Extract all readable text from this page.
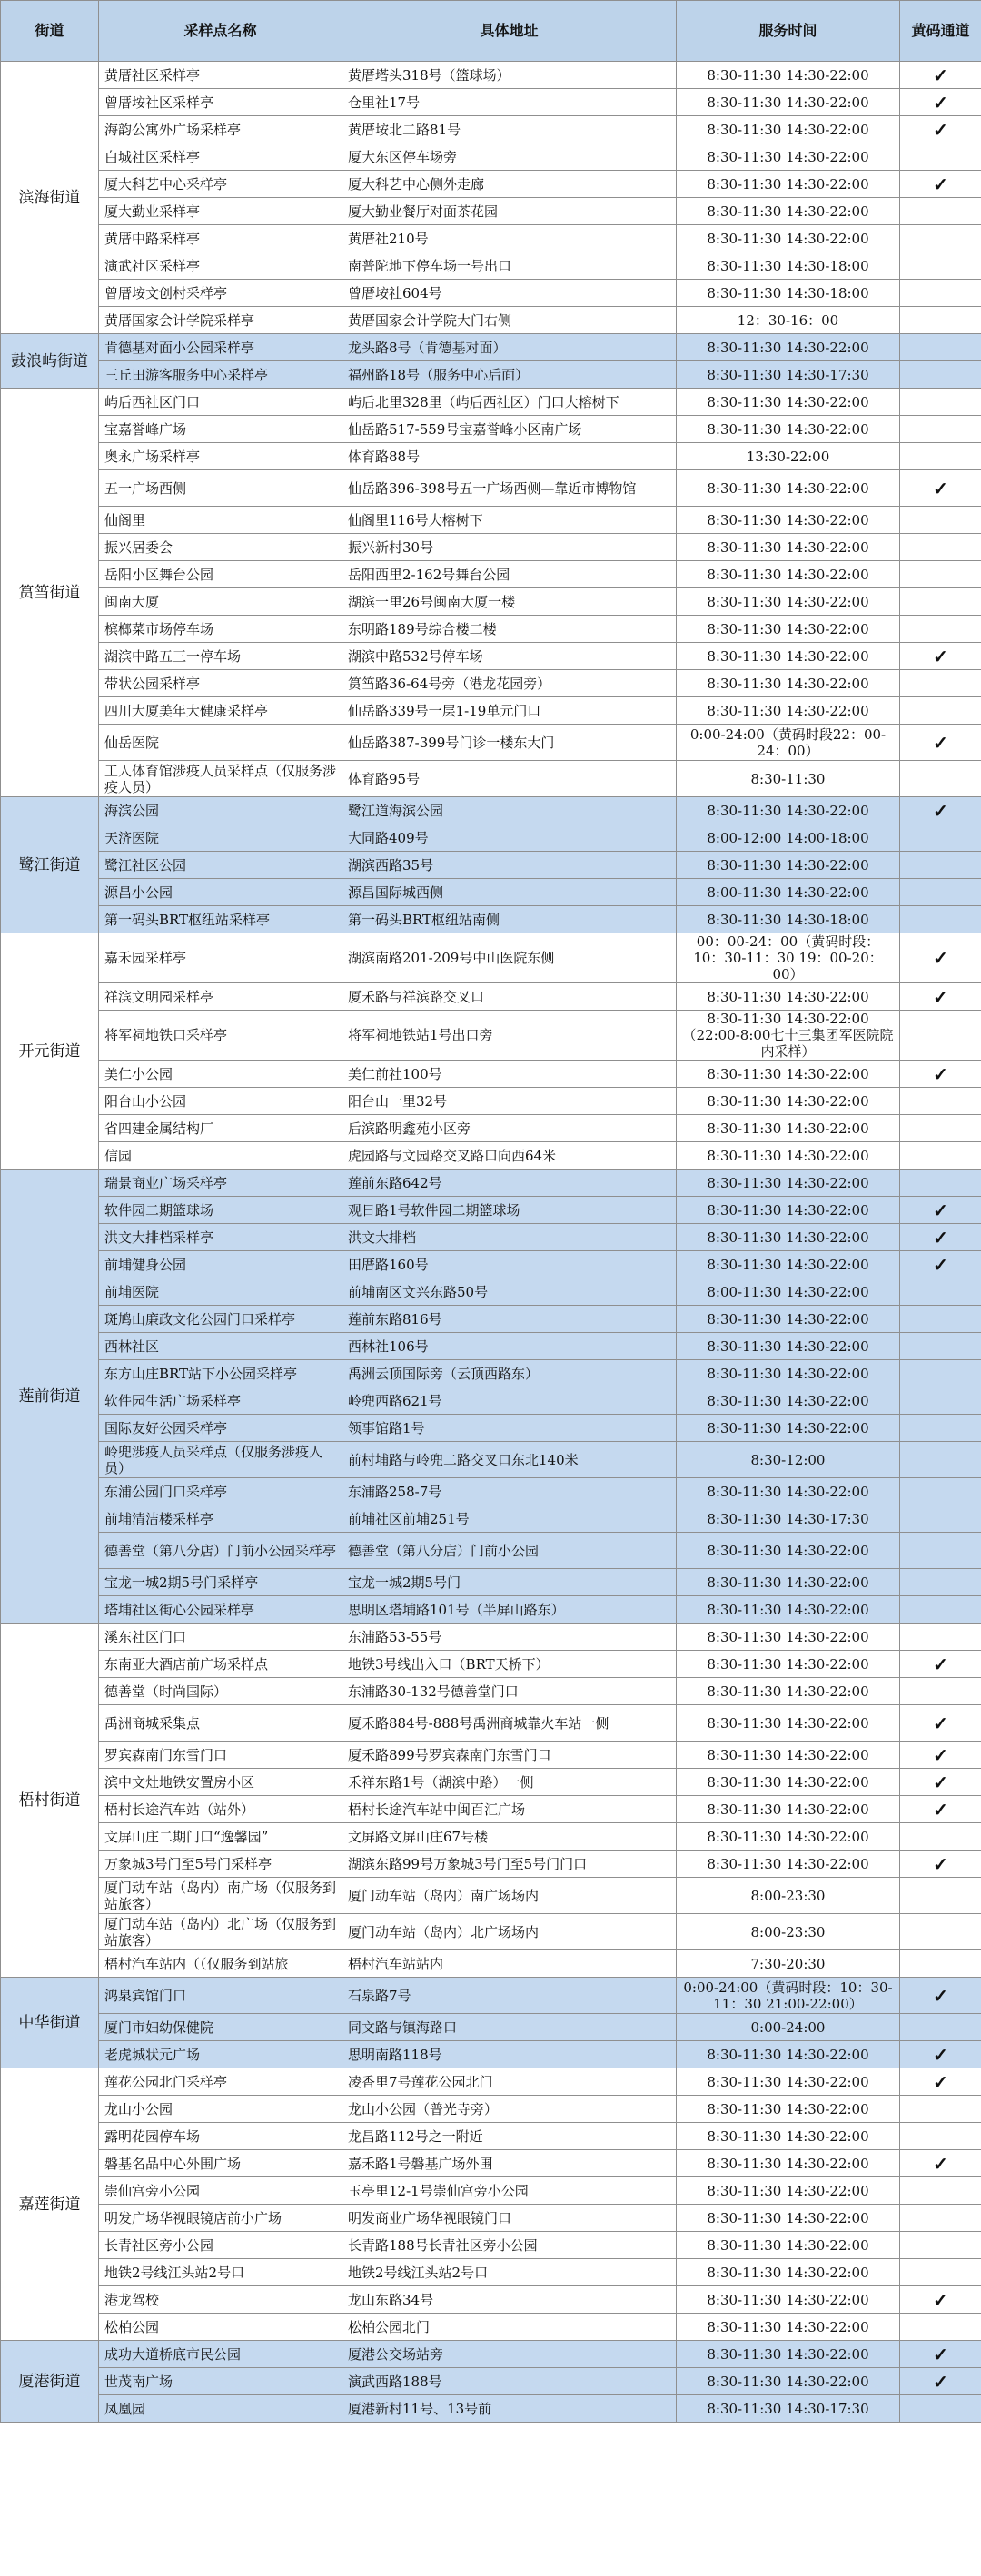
街道	采样点名称	具体地址	服务时间	黄码通道
滨海街道	黄厝社区采样亭	黄厝塔头318号（篮球场）	8:30-11:30 14:30-22:00	✓
	曾厝垵社区采样亭	仓里社17号	8:30-11:30 14:30-22:00	✓
	海韵公寓外广场采样亭	黄厝垵北二路81号	8:30-11:30 14:30-22:00	✓
	白城社区采样亭	厦大东区停车场旁	8:30-11:30 14:30-22:00	
	厦大科艺中心采样亭	厦大科艺中心侧外走廊	8:30-11:30 14:30-22:00	✓
	厦大勤业采样亭	厦大勤业餐厅对面茶花园	8:30-11:30 14:30-22:00	
	黄厝中路采样亭	黄厝社210号	8:30-11:30 14:30-22:00	
	演武社区采样亭	南普陀地下停车场一号出口	8:30-11:30 14:30-18:00	
	曾厝垵文创村采样亭	曾厝垵社604号	8:30-11:30 14:30-18:00	
	黄厝国家会计学院采样亭	黄厝国家会计学院大门右侧	12：30-16：00	
鼓浪屿街道	肯德基对面小公园采样亭	龙头路8号（肯德基对面）	8:30-11:30 14:30-22:00	
	三丘田游客服务中心采样亭	福州路18号（服务中心后面）	8:30-11:30 14:30-17:30	
筼筜街道	屿后西社区门口	屿后北里328里（屿后西社区）门口大榕树下	8:30-11:30 14:30-22:00	
	宝嘉誉峰广场	仙岳路517-559号宝嘉誉峰小区南广场	8:30-11:30 14:30-22:00	
	奥永广场采样亭	体育路88号	13:30-22:00	
	五一广场西侧	仙岳路396-398号五一广场西侧—靠近市博物馆	8:30-11:30 14:30-22:00	✓
	仙阁里	仙阁里116号大榕树下	8:30-11:30 14:30-22:00	
	振兴居委会	振兴新村30号	8:30-11:30 14:30-22:00	
	岳阳小区舞台公园	岳阳西里2-162号舞台公园	8:30-11:30 14:30-22:00	
	闽南大厦	湖滨一里26号闽南大厦一楼	8:30-11:30 14:30-22:00	
	槟榔菜市场停车场	东明路189号综合楼二楼	8:30-11:30 14:30-22:00	
	湖滨中路五三一停车场	湖滨中路532号停车场	8:30-11:30 14:30-22:00	✓
	带状公园采样亭	筼筜路36-64号旁（港龙花园旁）	8:30-11:30 14:30-22:00	
	四川大厦美年大健康采样亭	仙岳路339号一层1-19单元门口	8:30-11:30 14:30-22:00	
	仙岳医院	仙岳路387-399号门诊一楼东大门	0:00-24:00（黄码时段22：00-24：00）	✓
	工人体育馆涉疫人员采样点（仅服务涉疫人员）	体育路95号	8:30-11:30	
鹭江街道	海滨公园	鹭江道海滨公园	8:30-11:30 14:30-22:00	✓
	天济医院	大同路409号	8:00-12:00 14:00-18:00	
	鹭江社区公园	湖滨西路35号	8:30-11:30 14:30-22:00	
	源昌小公园	源昌国际城西侧	8:00-11:30 14:30-22:00	
	第一码头BRT枢纽站采样亭	第一码头BRT枢纽站南侧	8:30-11:30 14:30-18:00	
开元街道	嘉禾园采样亭	湖滨南路201-209号中山医院东侧	00：00-24：00（黄码时段：10：30-11：30 19：00-20：00）	✓
	祥滨文明园采样亭	厦禾路与祥滨路交叉口	8:30-11:30 14:30-22:00	✓
	将军祠地铁口采样亭	将军祠地铁站1号出口旁	8:30-11:30 14:30-22:00（22:00-8:00七十三集团军医院院内采样）	
	美仁小公园	美仁前社100号	8:30-11:30 14:30-22:00	✓
	阳台山小公园	阳台山一里32号	8:30-11:30 14:30-22:00	
	省四建金属结构厂	后滨路明鑫苑小区旁	8:30-11:30 14:30-22:00	
	信园	虎园路与文园路交叉路口向西64米	8:30-11:30 14:30-22:00	
莲前街道	瑞景商业广场采样亭	莲前东路642号	8:30-11:30 14:30-22:00	
	软件园二期篮球场	观日路1号软件园二期篮球场	8:30-11:30 14:30-22:00	✓
	洪文大排档采样亭	洪文大排档	8:30-11:30 14:30-22:00	✓
	前埔健身公园	田厝路160号	8:30-11:30 14:30-22:00	✓
	前埔医院	前埔南区文兴东路50号	8:00-11:30 14:30-22:00	
	斑鸠山廉政文化公园门口采样亭	莲前东路816号	8:30-11:30 14:30-22:00	
	西林社区	西林社106号	8:30-11:30 14:30-22:00	
	东方山庄BRT站下小公园采样亭	禹洲云顶国际旁（云顶西路东）	8:30-11:30 14:30-22:00	
	软件园生活广场采样亭	岭兜西路621号	8:30-11:30 14:30-22:00	
	国际友好公园采样亭	领事馆路1号	8:30-11:30 14:30-22:00	
	岭兜涉疫人员采样点（仅服务涉疫人员）	前村埔路与岭兜二路交叉口东北140米	8:30-12:00	
	东浦公园门口采样亭	东浦路258-7号	8:30-11:30 14:30-22:00	
	前埔清洁楼采样亭	前埔社区前埔251号	8:30-11:30 14:30-17:30	
	德善堂（第八分店）门前小公园采样亭	德善堂（第八分店）门前小公园	8:30-11:30 14:30-22:00	
	宝龙一城2期5号门采样亭	宝龙一城2期5号门	8:30-11:30 14:30-22:00	
	塔埔社区街心公园采样亭	思明区塔埔路101号（半屏山路东）	8:30-11:30 14:30-22:00	
梧村街道	溪东社区门口	东浦路53-55号	8:30-11:30 14:30-22:00	
	东南亚大酒店前广场采样点	地铁3号线出入口（BRT天桥下）	8:30-11:30 14:30-22:00	✓
	德善堂（时尚国际）	东浦路30-132号德善堂门口	8:30-11:30 14:30-22:00	
	禹洲商城采集点	厦禾路884号-888号禹洲商城靠火车站一侧	8:30-11:30 14:30-22:00	✓
	罗宾森南门东雪门口	厦禾路899号罗宾森南门东雪门口	8:30-11:30 14:30-22:00	✓
	滨中文灶地铁安置房小区	禾祥东路1号（湖滨中路）一侧	8:30-11:30 14:30-22:00	✓
	梧村长途汽车站（站外）	梧村长途汽车站中闽百汇广场	8:30-11:30 14:30-22:00	✓
	文屏山庄二期门口“逸馨园”	文屏路文屏山庄67号楼	8:30-11:30 14:30-22:00	
	万象城3号门至5号门采样亭	湖滨东路99号万象城3号门至5号门门口	8:30-11:30 14:30-22:00	✓
	厦门动车站（岛内）南广场（仅服务到站旅客）	厦门动车站（岛内）南广场场内	8:00-23:30	
	厦门动车站（岛内）北广场（仅服务到站旅客）	厦门动车站（岛内）北广场场内	8:00-23:30	
	梧村汽车站内（（仅服务到站旅	梧村汽车站站内	7:30-20:30	
中华街道	鸿泉宾馆门口	石泉路7号	0:00-24:00（黄码时段：10：30-11：30 21:00-22:00）	✓
	厦门市妇幼保健院	同文路与镇海路口	0:00-24:00	
	老虎城状元广场	思明南路118号	8:30-11:30 14:30-22:00	✓
嘉莲街道	莲花公园北门采样亭	凌香里7号莲花公园北门	8:30-11:30 14:30-22:00	✓
	龙山小公园	龙山小公园（普光寺旁）	8:30-11:30 14:30-22:00	
	露明花园停车场	龙昌路112号之一附近	8:30-11:30 14:30-22:00	
	磐基名品中心外围广场	嘉禾路1号磐基广场外围	8:30-11:30 14:30-22:00	✓
	崇仙宫旁小公园	玉亭里12-1号崇仙宫旁小公园	8:30-11:30 14:30-22:00	
	明发广场华视眼镜店前小广场	明发商业广场华视眼镜门口	8:30-11:30 14:30-22:00	
	长青社区旁小公园	长青路188号长青社区旁小公园	8:30-11:30 14:30-22:00	
	地铁2号线江头站2号口	地铁2号线江头站2号口	8:30-11:30 14:30-22:00	
	港龙驾校	龙山东路34号	8:30-11:30 14:30-22:00	✓
	松柏公园	松柏公园北门	8:30-11:30 14:30-22:00	
厦港街道	成功大道桥底市民公园	厦港公交场站旁	8:30-11:30 14:30-22:00	✓
	世茂南广场	演武西路188号	8:30-11:30 14:30-22:00	✓
	凤凰园	厦港新村11号、13号前	8:30-11:30 14:30-17:30	
